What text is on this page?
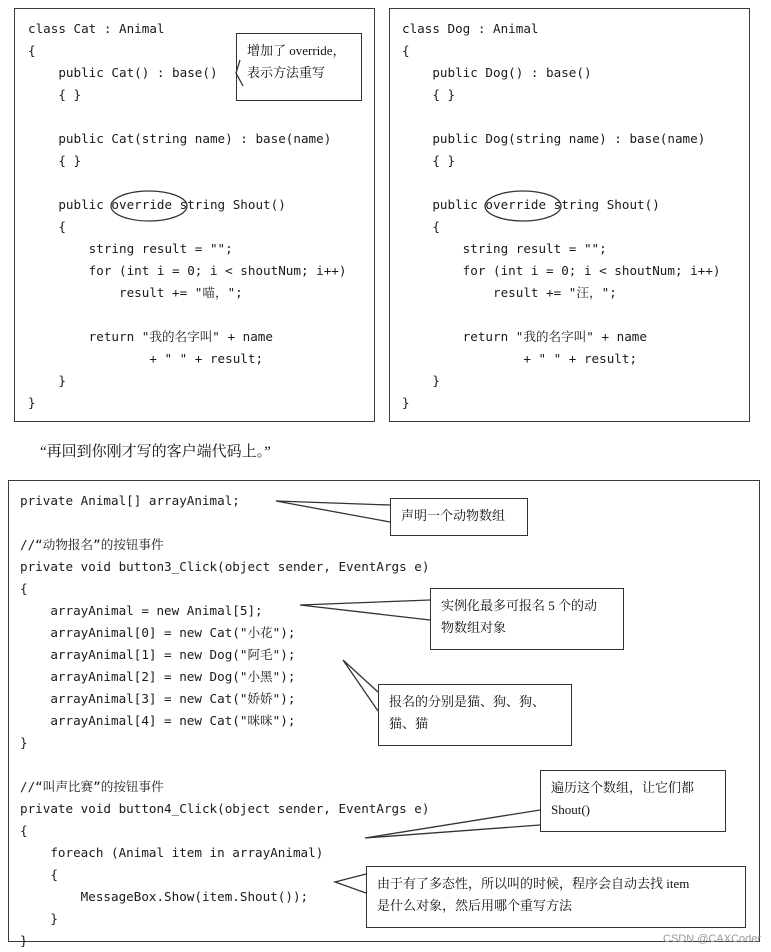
class Cat : Animal
{
public Cat() : base()
{ }

public Cat(string name) : base(name)
{ }

public override string Shout()
{
string result = "";
for (int i = 0; i < shoutNum; i++)
result += "喵，";

return "我的名字叫" + name
+ " " + result;
}
}
class Dog : Animal
{
public Dog() : base()
{ }

public Dog(string name) : base(name)
{ }

public override string Shout()
{
string result = "";
for (int i = 0; i < shoutNum; i++)
result += "汪，";

return "我的名字叫" + name
+ " " + result;
}
}
增加了 override，
表示方法重写
“再回到你刚才写的客户端代码上。”
private Animal[] arrayAnimal;

//“动物报名”的按钮事件
private void button3_Click(object sender, EventArgs e)
{
arrayAnimal = new Animal[5];
arrayAnimal[0] = new Cat("小花");
arrayAnimal[1] = new Dog("阿毛");
arrayAnimal[2] = new Dog("小黑");
arrayAnimal[3] = new Cat("娇娇");
arrayAnimal[4] = new Cat("咪咪");
}

//“叫声比赛”的按钮事件
private void button4_Click(object sender, EventArgs e)
{
foreach (Animal item in arrayAnimal)
{
MessageBox.Show(item.Shout());
}
}
声明一个动物数组
实例化最多可报名 5 个的动
物数组对象
报名的分别是猫、狗、狗、
猫、猫
遍历这个数组，让它们都
Shout()
由于有了多态性，所以叫的时候，程序会自动去找 item
是什么对象，然后用哪个重写方法
CSDN @CAXCoder
